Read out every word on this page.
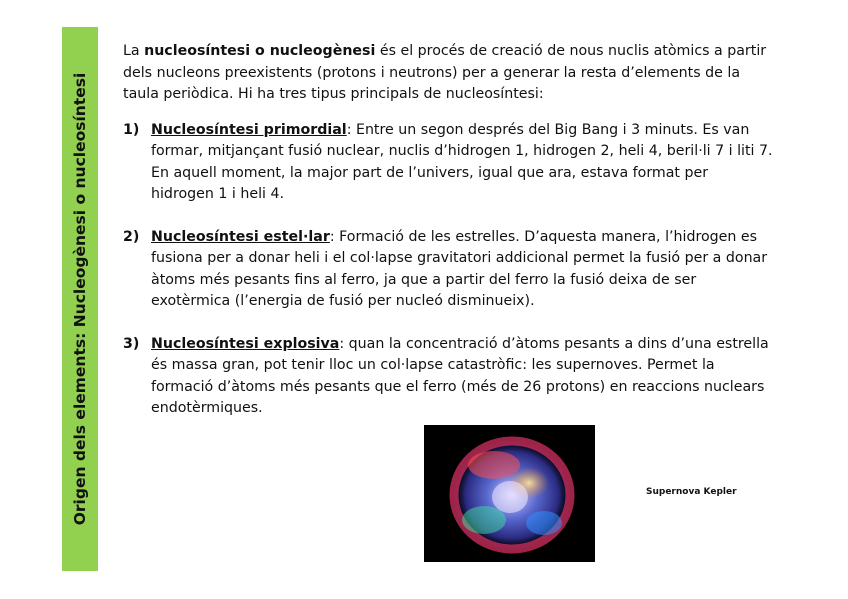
Origen dels elements: Nucleogènesi o nucleosíntesi

La nucleosíntesi o nucleogènesi és el procés de creació de nous nuclis atòmics a partir dels nucleons preexistents (protons i neutrons) per a generar la resta d’elements de la taula periòdica. Hi ha tres tipus principals de nucleosíntesi:

1) Nucleosíntesi primordial: Entre un segon després del Big Bang i 3 minuts. Es van formar, mitjançant fusió nuclear, nuclis d’hidrogen 1, hidrogen 2, heli 4, beril·li 7 i liti 7. En aquell moment, la major part de l’univers, igual que ara, estava format per hidrogen 1 i heli 4.
2) Nucleosíntesi estel·lar: Formació de les estrelles. D’aquesta manera, l’hidrogen es fusiona per a donar heli i el col·lapse gravitatori addicional permet la fusió per a donar àtoms més pesants fins al ferro, ja que a partir del ferro la fusió deixa de ser exotèrmica (l’energia de fusió per nucleó disminueix).
3) Nucleosíntesi explosiva: quan la concentració d’àtoms pesants a dins d’una estrella és massa gran, pot tenir lloc un col·lapse catastròfic: les supernoves. Permet la formació d’àtoms més pesants que el ferro (més de 26 protons) en reaccions nuclears endotèrmiques.
Supernova Kepler
